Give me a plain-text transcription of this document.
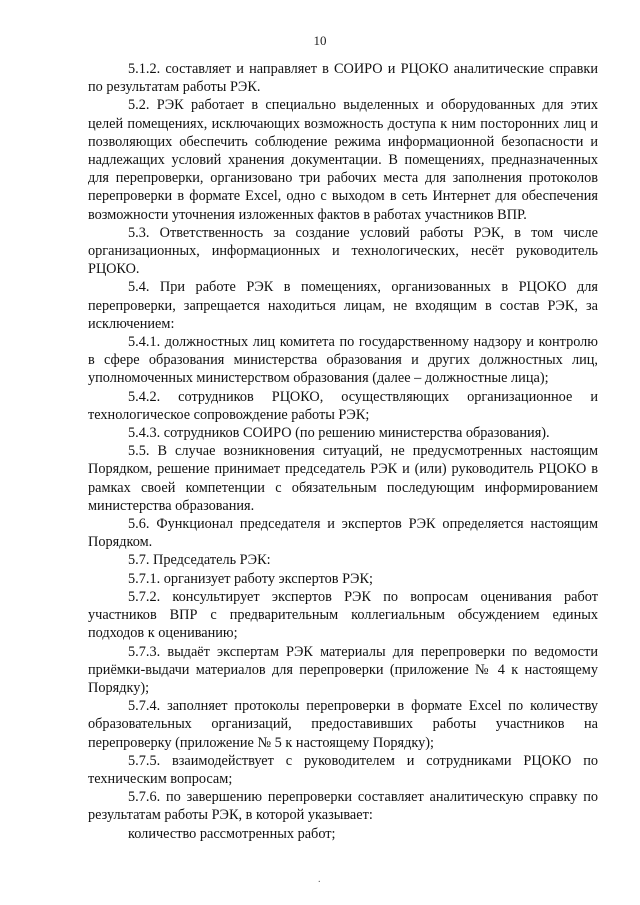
10

5.1.2. составляет и направляет в СОИРО и РЦОКО аналитические справки по результатам работы РЭК.

5.2. РЭК работает в специально выделенных и оборудованных для этих целей помещениях, исключающих возможность доступа к ним посторонних лиц и позволяющих обеспечить соблюдение режима информационной безопасности и надлежащих условий хранения документации. В помещениях, предназначенных для перепроверки, организовано три рабочих места для заполнения протоколов перепроверки в формате Excel, одно с выходом в сеть Интернет для обеспечения возможности уточнения изложенных фактов в работах участников ВПР.

5.3. Ответственность за создание условий работы РЭК, в том числе организационных, информационных и технологических, несёт руководитель РЦОКО.

5.4. При работе РЭК в помещениях, организованных в РЦОКО для перепроверки, запрещается находиться лицам, не входящим в состав РЭК, за исключением:

5.4.1. должностных лиц комитета по государственному надзору и контролю в сфере образования министерства образования и других должностных лиц, уполномоченных министерством образования (далее – должностные лица);

5.4.2. сотрудников РЦОКО, осуществляющих организационное и технологическое сопровождение работы РЭК;

5.4.3. сотрудников СОИРО (по решению министерства образования).

5.5. В случае возникновения ситуаций, не предусмотренных настоящим Порядком, решение принимает председатель РЭК и (или) руководитель РЦОКО в рамках своей компетенции с обязательным последующим информированием министерства образования.

5.6. Функционал председателя и экспертов РЭК определяется настоящим Порядком.

5.7. Председатель РЭК:

5.7.1. организует работу экспертов РЭК;

5.7.2. консультирует экспертов РЭК по вопросам оценивания работ участников ВПР с предварительным коллегиальным обсуждением единых подходов к оцениванию;

5.7.3. выдаёт экспертам РЭК материалы для перепроверки по ведомости приёмки-выдачи материалов для перепроверки (приложение № 4 к настоящему Порядку);

5.7.4. заполняет протоколы перепроверки в формате Excel по количеству образовательных организаций, предоставивших работы участников на перепроверку (приложение № 5 к настоящему Порядку);

5.7.5. взаимодействует с руководителем и сотрудниками РЦОКО по техническим вопросам;

5.7.6. по завершению перепроверки составляет аналитическую справку по результатам работы РЭК, в которой указывает:

количество рассмотренных работ;

.
